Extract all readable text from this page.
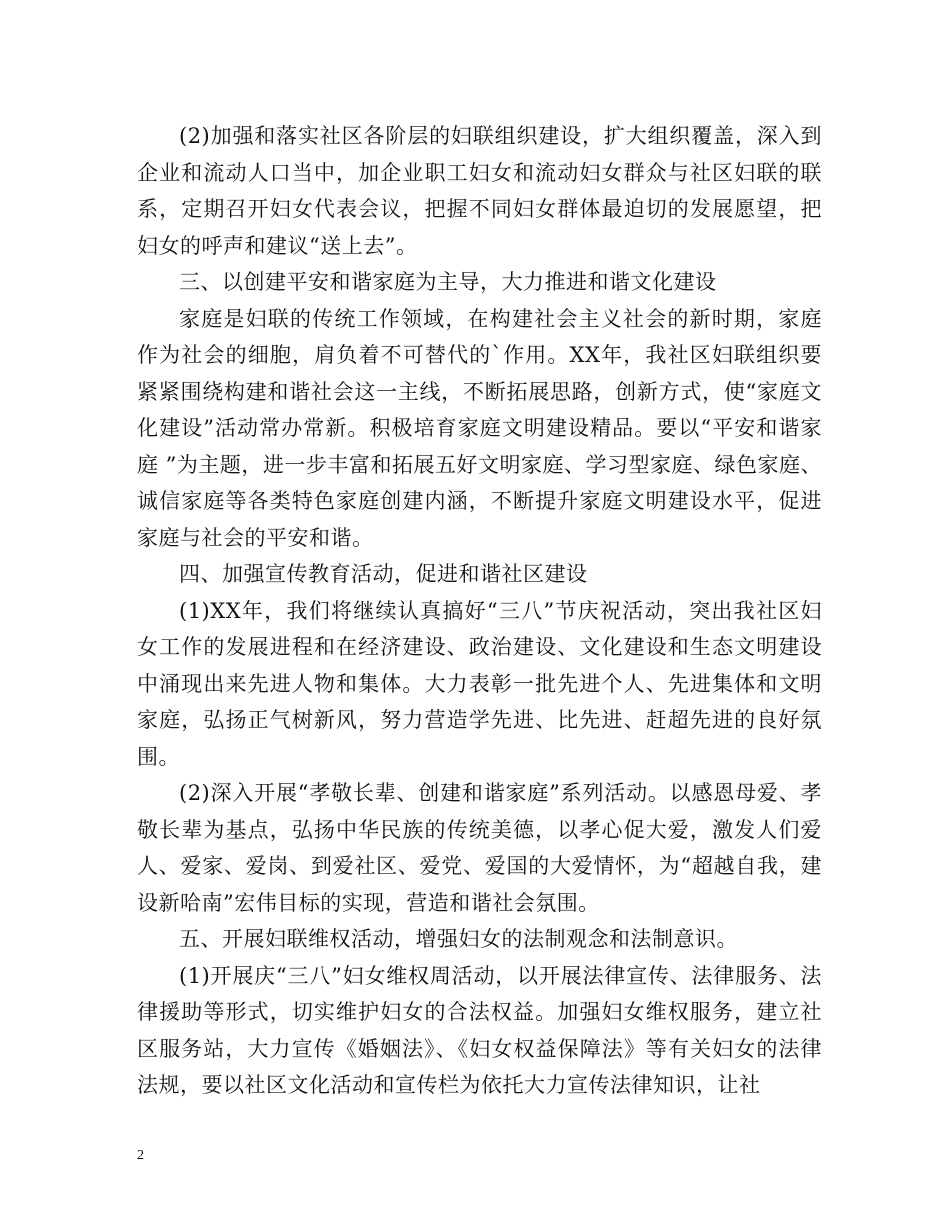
(2)加强和落实社区各阶层的妇联组织建设，扩大组织覆盖，深入到企业和流动人口当中，加企业职工妇女和流动妇女群众与社区妇联的联系，定期召开妇女代表会议，把握不同妇女群体最迫切的发展愿望，把妇女的呼声和建议“送上去”。

三、以创建平安和谐家庭为主导，大力推进和谐文化建设

家庭是妇联的传统工作领域，在构建社会主义社会的新时期，家庭作为社会的细胞，肩负着不可替代的`作用。XX年，我社区妇联组织要紧紧围绕构建和谐社会这一主线，不断拓展思路，创新方式，使“家庭文化建设”活动常办常新。积极培育家庭文明建设精品。要以“平安和谐家庭 ”为主题，进一步丰富和拓展五好文明家庭、学习型家庭、绿色家庭、诚信家庭等各类特色家庭创建内涵，不断提升家庭文明建设水平，促进家庭与社会的平安和谐。

四、加强宣传教育活动，促进和谐社区建设

(1)XX年，我们将继续认真搞好“三八”节庆祝活动，突出我社区妇女工作的发展进程和在经济建设、政治建设、文化建设和生态文明建设中涌现出来先进人物和集体。大力表彰一批先进个人、先进集体和文明家庭，弘扬正气树新风，努力营造学先进、比先进、赶超先进的良好氛围。

(2)深入开展“孝敬长辈、创建和谐家庭”系列活动。以感恩母爱、孝敬长辈为基点，弘扬中华民族的传统美德，以孝心促大爱，激发人们爱人、爱家、爱岗、到爱社区、爱党、爱国的大爱情怀，为“超越自我，建设新哈南”宏伟目标的实现，营造和谐社会氛围。

五、开展妇联维权活动，增强妇女的法制观念和法制意识。

(1)开展庆“三八”妇女维权周活动，以开展法律宣传、法律服务、法律援助等形式，切实维护妇女的合法权益。加强妇女维权服务，建立社区服务站，大力宣传《婚姻法》、《妇女权益保障法》等有关妇女的法律法规，要以社区文化活动和宣传栏为依托大力宣传法律知识，让社

2
